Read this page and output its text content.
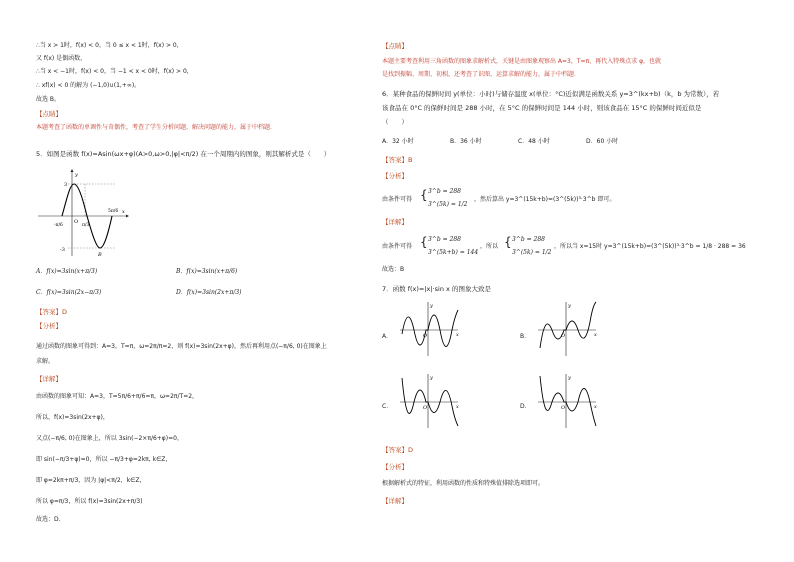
∴当 x > 1时，f(x) < 0，当 0 ≤ x < 1时，f(x) > 0，
又 f(x) 是偶函数，
∴当 x < −1时，f(x) < 0，当 −1 < x < 0时，f(x) > 0，
∴ xf(x) < 0 的解为 (−1,0)∪(1,+∞)。
故选 B。
【点睛】
本题考查了函数的单调性与奇偶性，考查了学生分析问题、解决问题的能力，属于中档题．
5．如图是函数 f(x)=Asin(ωx+φ)(A>0,ω>0,|φ|<π/2) 在一个周期内的图象，则其解析式是（　　）
3
-3
-π/6
O
π/3
5π/6 x
y
B
A．f(x)=3sin(x+π/3)	B．f(x)=3sin(x+π/6)
C．f(x)=3sin(2x−π/3)	D．f(x)=3sin(2x+π/3)
【答案】D
【分析】
通过函数的图象可得到：A=3，T=π，ω=2π/π=2，则 f(x)=3sin(2x+φ)，然后再利用点(−π/6, 0)在图象上
求解。
【详解】
由函数的图象可知：A=3，T=5π/6+π/6=π，ω=2π/T=2，
所以，f(x)=3sin(2x+φ)，
又点(−π/6, 0)在图象上，所以 3sin(−2×π/6+φ)=0，
即 sin(−π/3+φ)=0，所以 −π/3+φ=2kπ, k∈Z，
即 φ=2kπ+π/3，因为 |φ|<π/2，k∈Z，
所以 φ=π/3，所以 f(x)=3sin(2x+π/3)
故选：D.
【点睛】
本题主要考查利用三角函数的图象求解析式，关键是由图象观察出 A=3，T=π，再代入特殊点求 φ，也就
是找到振幅、周期、初相，还考查了识图、运算求解的能力，属于中档题．
6．某种食品的保鲜时间 y(单位：小时)与储存温度 x(单位：°C)近似满足函数关系 y=3^(kx+b)（k，b 为常数），若
该食品在 0°C 的保鲜时间是 288 小时，在 5°C 的保鲜时间是 144 小时，则该食品在 15°C 的保鲜时间近似是
（　　）
A．32 小时	B．36 小时	C．48 小时	D．60 小时
【答案】B
【分析】
由条件可得 { 3^b = 288
3^(5k) = 1/2
，然后算出 y=3^(15k+b)=(3^(5k))³·3^b 即可。
【详解】
由条件可得 { 3^b = 288
3^(5k+b) = 144
，所以 { 3^b = 288
3^(5k) = 1/2
，所以当 x=15时 y=3^(15k+b)=(3^(5k))³·3^b = 1/8 · 288 = 36
故选：B
7．函数 f(x)=|x|·sin x 的图象大致是
A．	O	x
y
B．	O	x
y
C．	O	x
y
D．	O	x
y
【答案】D
【分析】
根据解析式的特征，利用函数的性质和特殊值排除选项即可。
【详解】
